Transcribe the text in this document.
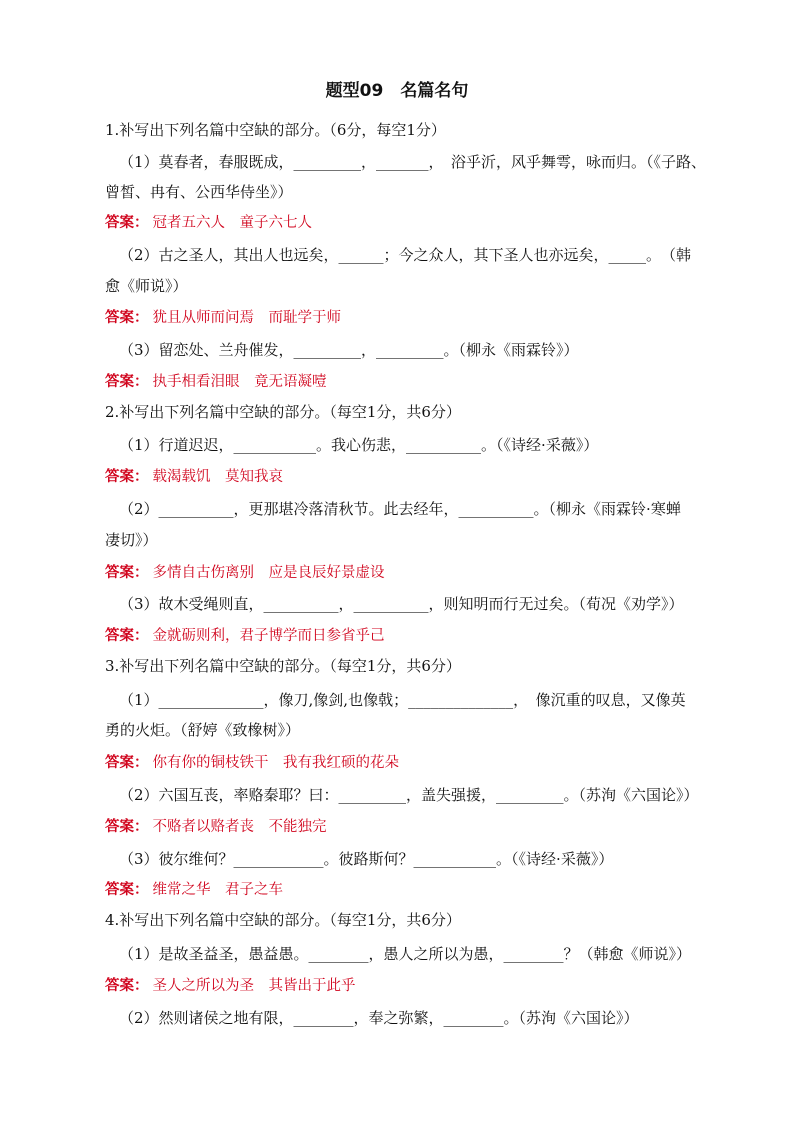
题型09　名篇名句
1.补写出下列名篇中空缺的部分。（6分，每空1分）
（1）莫春者，春服既成，_________，_______，　浴乎沂，风乎舞雩，咏而归。（《子路、
曾皙、冉有、公西华侍坐》）
答案： 冠者五六人　童子六七人
（2）古之圣人，其出人也远矣，______；今之众人，其下圣人也亦远矣，_____。　（韩
愈《师说》）
答案： 犹且从师而问焉　而耻学于师
（3）留恋处、兰舟催发，_________，_________。（柳永《雨霖铃》）
答案： 执手相看泪眼　竟无语凝噎
2.补写出下列名篇中空缺的部分。（每空1分，共6分）
（1）行道迟迟，___________。我心伤悲，__________。（《诗经·采薇》）
答案： 载渴载饥　莫知我哀
（2）__________，更那堪冷落清秋节。此去经年，__________。（柳永《雨霖铃·寒蝉
凄切》）
答案： 多情自古伤离别　应是良辰好景虚设
（3）故木受绳则直，__________，__________，则知明而行无过矣。（荀况《劝学》）
答案： 金就砺则利，君子博学而日参省乎己
3.补写出下列名篇中空缺的部分。（每空1分，共6分）
（1）______________，像刀,像剑,也像戟；______________，　像沉重的叹息，又像英
勇的火炬。（舒婷《致橡树》）
答案： 你有你的铜枝铁干　我有我红硕的花朵
（2）六国互丧，率赂秦耶？曰：_________，盖失强援，_________。（苏洵《六国论》）
答案： 不赂者以赂者丧　不能独完
（3）彼尔维何？____________。彼路斯何？___________。（《诗经·采薇》）
答案： 维常之华　君子之车
4.补写出下列名篇中空缺的部分。（每空1分，共6分）
（1）是故圣益圣，愚益愚。________，愚人之所以为愚，________？（韩愈《师说》）
答案： 圣人之所以为圣　其皆出于此乎
（2）然则诸侯之地有限，________，奉之弥繁，________。（苏洵《六国论》）
